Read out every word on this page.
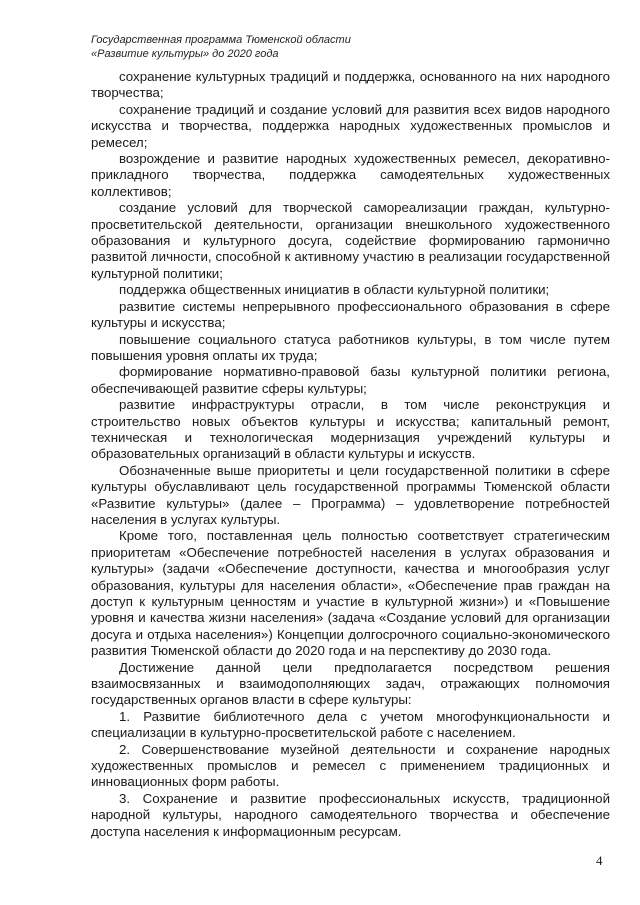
Государственная программа Тюменской области
«Развитие культуры» до 2020 года

сохранение культурных традиций и поддержка, основанного на них народного творчества;

сохранение традиций и создание условий для развития всех видов народного искусства и творчества, поддержка народных художественных промыслов и ремесел;

возрождение и развитие народных художественных ремесел, декоративно-прикладного творчества, поддержка самодеятельных художественных коллективов;

создание условий для творческой самореализации граждан, культурно-просветительской деятельности, организации внешкольного художественного образования и культурного досуга, содействие формированию гармонично развитой личности, способной к активному участию в реализации государственной культурной политики;

поддержка общественных инициатив в области культурной политики;

развитие системы непрерывного профессионального образования в сфере культуры и искусства;

повышение социального статуса работников культуры, в том числе путем повышения уровня оплаты их труда;

формирование нормативно-правовой базы культурной политики региона, обеспечивающей развитие сферы культуры;

развитие инфраструктуры отрасли, в том числе реконструкция и строительство новых объектов культуры и искусства; капитальный ремонт, техническая и технологическая модернизация учреждений культуры и образовательных организаций в области культуры и искусств.

Обозначенные выше приоритеты и цели государственной политики в сфере культуры обуславливают цель государственной программы Тюменской области «Развитие культуры» (далее – Программа) – удовлетворение потребностей населения в услугах культуры.

Кроме того, поставленная цель полностью соответствует стратегическим приоритетам «Обеспечение потребностей населения в услугах образования и культуры» (задачи «Обеспечение доступности, качества и многообразия услуг образования, культуры для населения области», «Обеспечение прав граждан на доступ к культурным ценностям и участие в культурной жизни») и «Повышение уровня и качества жизни населения» (задача «Создание условий для организации досуга и отдыха населения») Концепции долгосрочного социально-экономического развития Тюменской области до 2020 года и на перспективу до 2030 года.

Достижение данной цели предполагается посредством решения взаимосвязанных и взаимодополняющих задач, отражающих полномочия государственных органов власти в сфере культуры:

1. Развитие библиотечного дела с учетом многофункциональности и специализации в культурно-просветительской работе с населением.

2. Совершенствование музейной деятельности и сохранение народных художественных промыслов и ремесел с применением традиционных и инновационных форм работы.

3. Сохранение и развитие профессиональных искусств, традиционной народной культуры, народного самодеятельного творчества и обеспечение доступа населения к информационным ресурсам.

4
